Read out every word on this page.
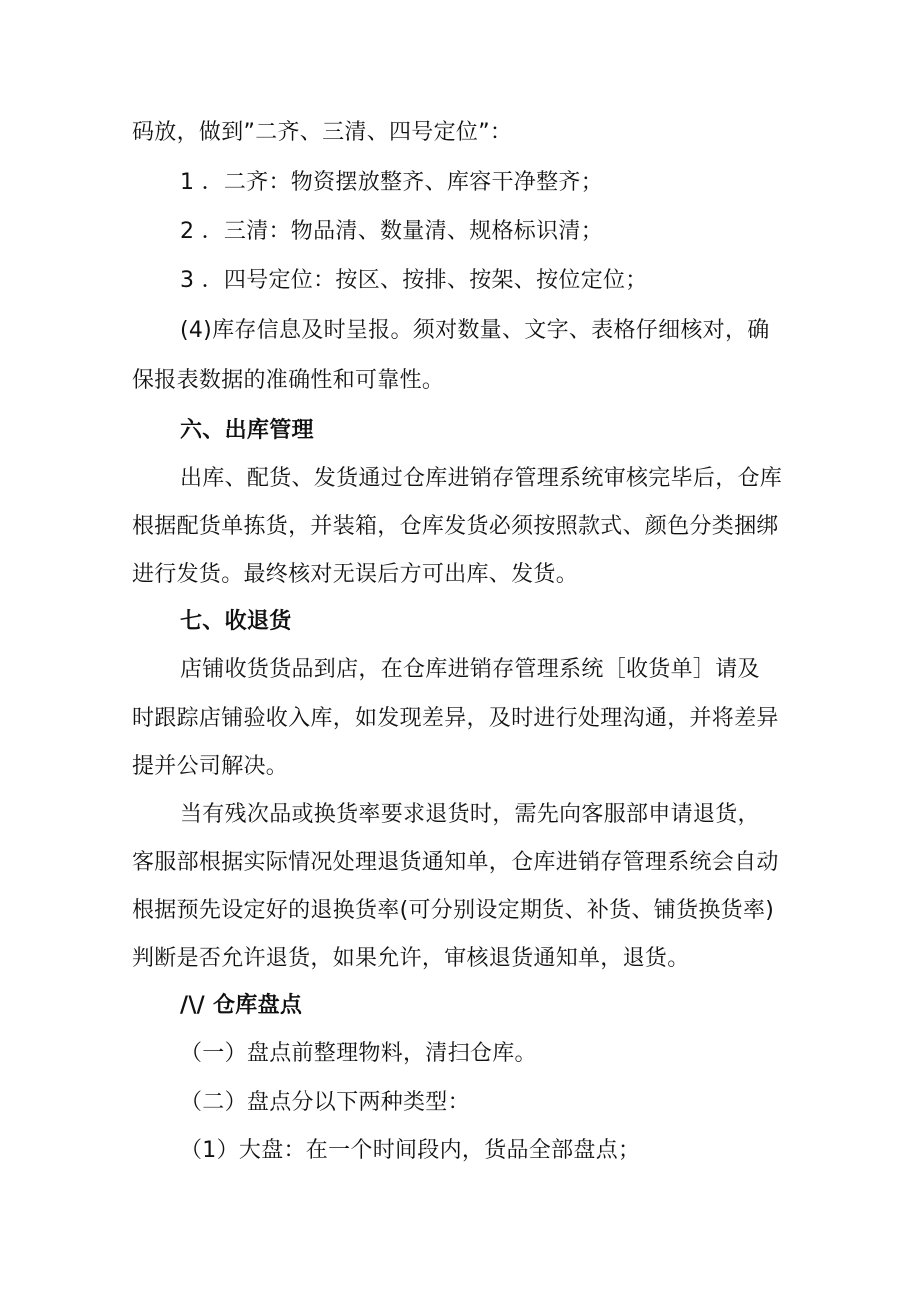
码放，做到”二齐、三清、四号定位”：
1 ．二齐：物资摆放整齐、库容干净整齐；
2 ．三清：物品清、数量清、规格标识清；
3 ．四号定位：按区、按排、按架、按位定位；
(4)库存信息及时呈报。须对数量、文字、表格仔细核对，确
保报表数据的准确性和可靠性。
六、出库管理
出库、配货、发货通过仓库进销存管理系统审核完毕后，仓库
根据配货单拣货，并装箱，仓库发货必须按照款式、颜色分类捆绑
进行发货。最终核对无误后方可出库、发货。
七、收退货
店铺收货货品到店，在仓库进销存管理系统［收货单］请及
时跟踪店铺验收入库，如发现差异，及时进行处理沟通，并将差异
提并公司解决。
当有残次品或换货率要求退货时，需先向客服部申请退货，
客服部根据实际情况处理退货通知单，仓库进销存管理系统会自动
根据预先设定好的退换货率(可分别设定期货、补货、铺货换货率)
判断是否允许退货，如果允许，审核退货通知单，退货。
/\/ 仓库盘点
（一）盘点前整理物料，清扫仓库。
（二）盘点分以下两种类型：
（1）大盘：在一个时间段内，货品全部盘点；
